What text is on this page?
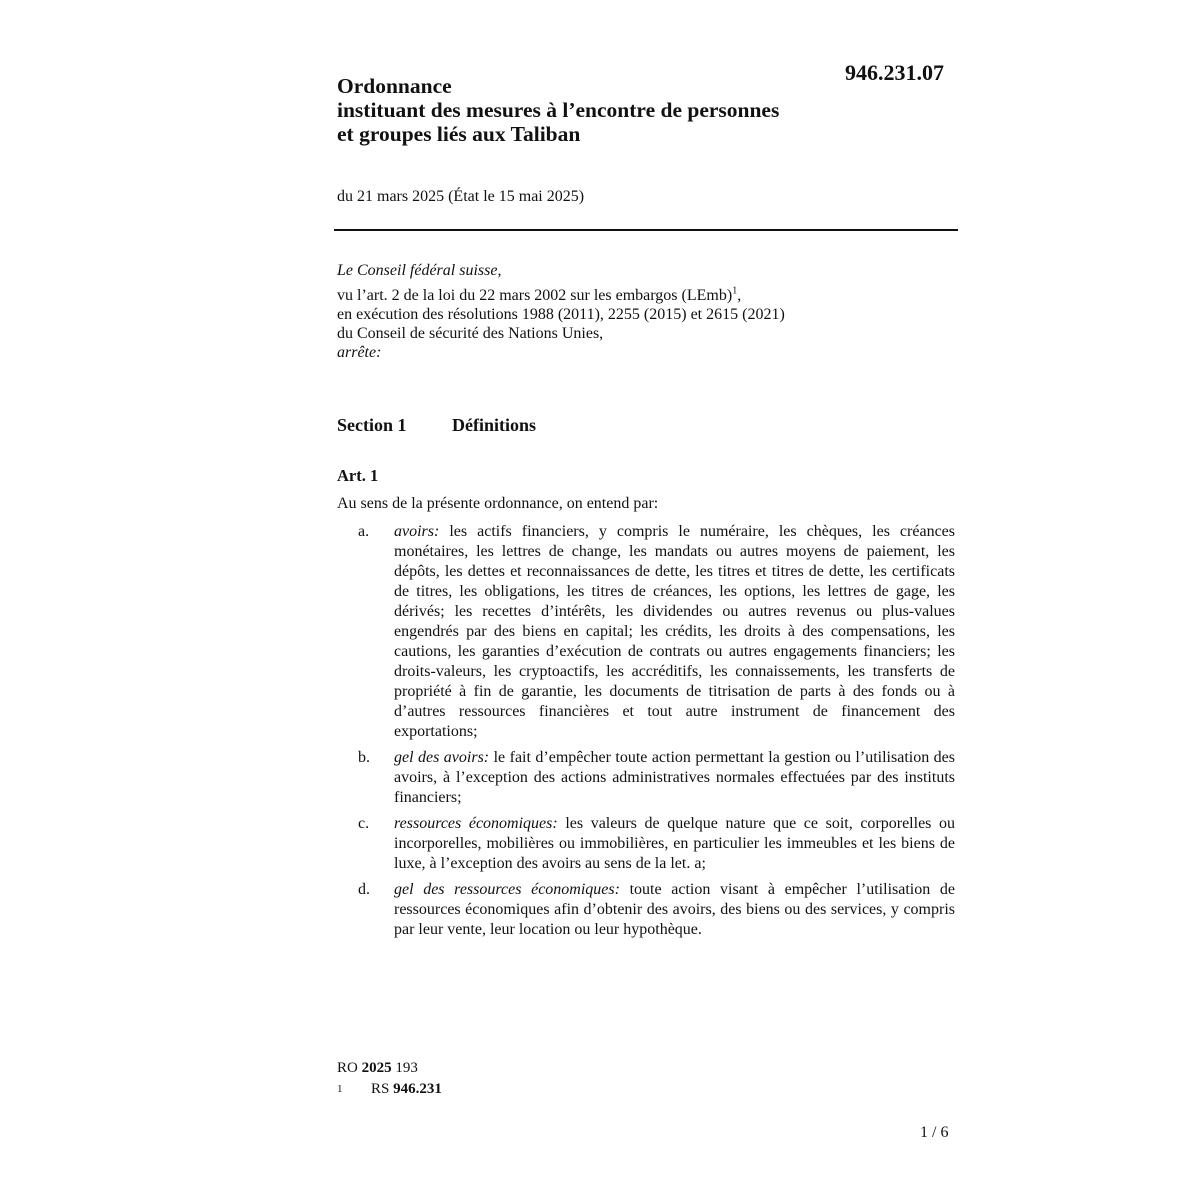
946.231.07
Ordonnance
instituant des mesures à l’encontre de personnes
et groupes liés aux Taliban
du 21 mars 2025 (État le 15 mai 2025)
Le Conseil fédéral suisse,
vu l’art. 2 de la loi du 22 mars 2002 sur les embargos (LEmb)$^1$,
en exécution des résolutions 1988 (2011), 2255 (2015) et 2615 (2021)
du Conseil de sécurité des Nations Unies,
arrête:
Section 1	Définitions
Art. 1
Au sens de la présente ordonnance, on entend par:
a. avoirs: les actifs financiers, y compris le numéraire, les chèques, les créances monétaires, les lettres de change, les mandats ou autres moyens de paiement, les dépôts, les dettes et reconnaissances de dette, les titres et titres de dette, les certificats de titres, les obligations, les titres de créances, les options, les lettres de gage, les dérivés; les recettes d’intérêts, les dividendes ou autres revenus ou plus-values engendrés par des biens en capital; les crédits, les droits à des compensations, les cautions, les garanties d’exécution de contrats ou autres engagements financiers; les droits-valeurs, les cryptoactifs, les accréditifs, les connaissements, les transferts de propriété à fin de garantie, les documents de titrisation de parts à des fonds ou à d’autres ressources financières et tout autre instrument de financement des exportations;
b. gel des avoirs: le fait d’empêcher toute action permettant la gestion ou l’utilisation des avoirs, à l’exception des actions administratives normales effectuées par des instituts financiers;
c. ressources économiques: les valeurs de quelque nature que ce soit, corporelles ou incorporelles, mobilières ou immobilières, en particulier les immeubles et les biens de luxe, à l’exception des avoirs au sens de la let. a;
d. gel des ressources économiques: toute action visant à empêcher l’utilisation de ressources économiques afin d’obtenir des avoirs, des biens ou des services, y compris par leur vente, leur location ou leur hypothèque.
RO 2025 193
1 RS 946.231
1 / 6
